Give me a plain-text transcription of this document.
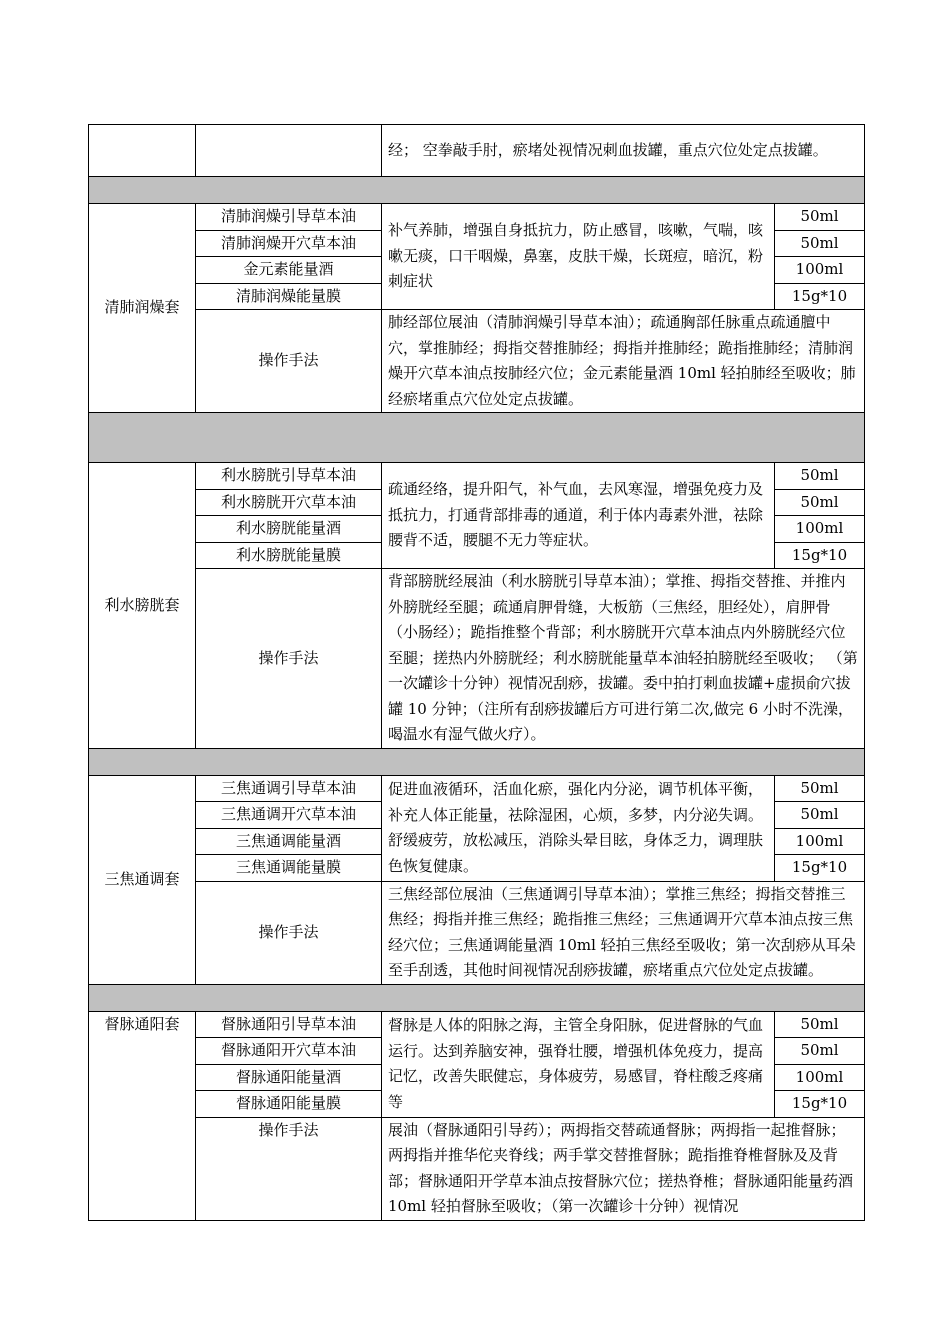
		经； 空拳敲手肘，瘀堵处视情况刺血拔罐，重点穴位处定点拔罐。	

清肺润燥套	清肺润燥引导草本油	补气养肺，增强自身抵抗力，防止感冒，咳嗽，气喘，咳嗽无痰，口干咽燥，鼻塞，皮肤干燥，长斑痘，暗沉，粉刺症状	50ml
	清肺润燥开穴草本油		50ml
	金元素能量酒		100ml
	清肺润燥能量膜		15g*10
	操作手法	肺经部位展油（清肺润燥引导草本油）；疏通胸部任脉重点疏通膻中穴，掌推肺经；拇指交替推肺经；拇指并推肺经；跪指推肺经；清肺润燥开穴草本油点按肺经穴位；金元素能量酒 10ml 轻拍肺经至吸收；肺经瘀堵重点穴位处定点拔罐。	

利水膀胱套	利水膀胱引导草本油	疏通经络，提升阳气，补气血，去风寒湿，增强免疫力及抵抗力，打通背部排毒的通道，利于体内毒素外泄，祛除腰背不适，腰腿不无力等症状。	50ml
	利水膀胱开穴草本油		50ml
	利水膀胱能量酒		100ml
	利水膀胱能量膜		15g*10
	操作手法	背部膀胱经展油（利水膀胱引导草本油）；掌推、拇指交替推、并推内外膀胱经至腿；疏通肩胛骨缝，大板筋（三焦经，胆经处），肩胛骨（小肠经）；跪指推整个背部；利水膀胱开穴草本油点内外膀胱经穴位至腿；搓热内外膀胱经；利水膀胱能量草本油轻拍膀胱经至吸收； （第一次罐诊十分钟）视情况刮痧，拔罐。委中拍打刺血拔罐+虚损俞穴拔罐 10 分钟；（注所有刮痧拔罐后方可进行第二次,做完 6 小时不洗澡，喝温水有湿气做火疗）。	

三焦通调套	三焦通调引导草本油	促进血液循环，活血化瘀，强化内分泌，调节机体平衡，补充人体正能量，祛除湿困，心烦，多梦，内分泌失调。舒缓疲劳，放松减压，消除头晕目眩，身体乏力，调理肤色恢复健康。	50ml
	三焦通调开穴草本油		50ml
	三焦通调能量酒		100ml
	三焦通调能量膜		15g*10
	操作手法	三焦经部位展油（三焦通调引导草本油）；掌推三焦经；拇指交替推三焦经；拇指并推三焦经；跪指推三焦经；三焦通调开穴草本油点按三焦经穴位；三焦通调能量酒 10ml 轻拍三焦经至吸收；第一次刮痧从耳朵至手刮透，其他时间视情况刮痧拔罐，瘀堵重点穴位处定点拔罐。	

督脉通阳套	督脉通阳引导草本油	督脉是人体的阳脉之海，主管全身阳脉，促进督脉的气血运行。达到养脑安神，强脊壮腰，增强机体免疫力，提高记忆，改善失眠健忘，身体疲劳，易感冒，脊柱酸乏疼痛等	50ml
	督脉通阳开穴草本油		50ml
	督脉通阳能量酒		100ml
	督脉通阳能量膜		15g*10
	操作手法	展油（督脉通阳引导药）；两拇指交替疏通督脉；两拇指一起推督脉；两拇指并推华佗夹脊线；两手掌交替推督脉；跪指推脊椎督脉及及背部；督脉通阳开学草本油点按督脉穴位；搓热脊椎；督脉通阳能量药酒 10ml 轻拍督脉至吸收；（第一次罐诊十分钟）视情况	
